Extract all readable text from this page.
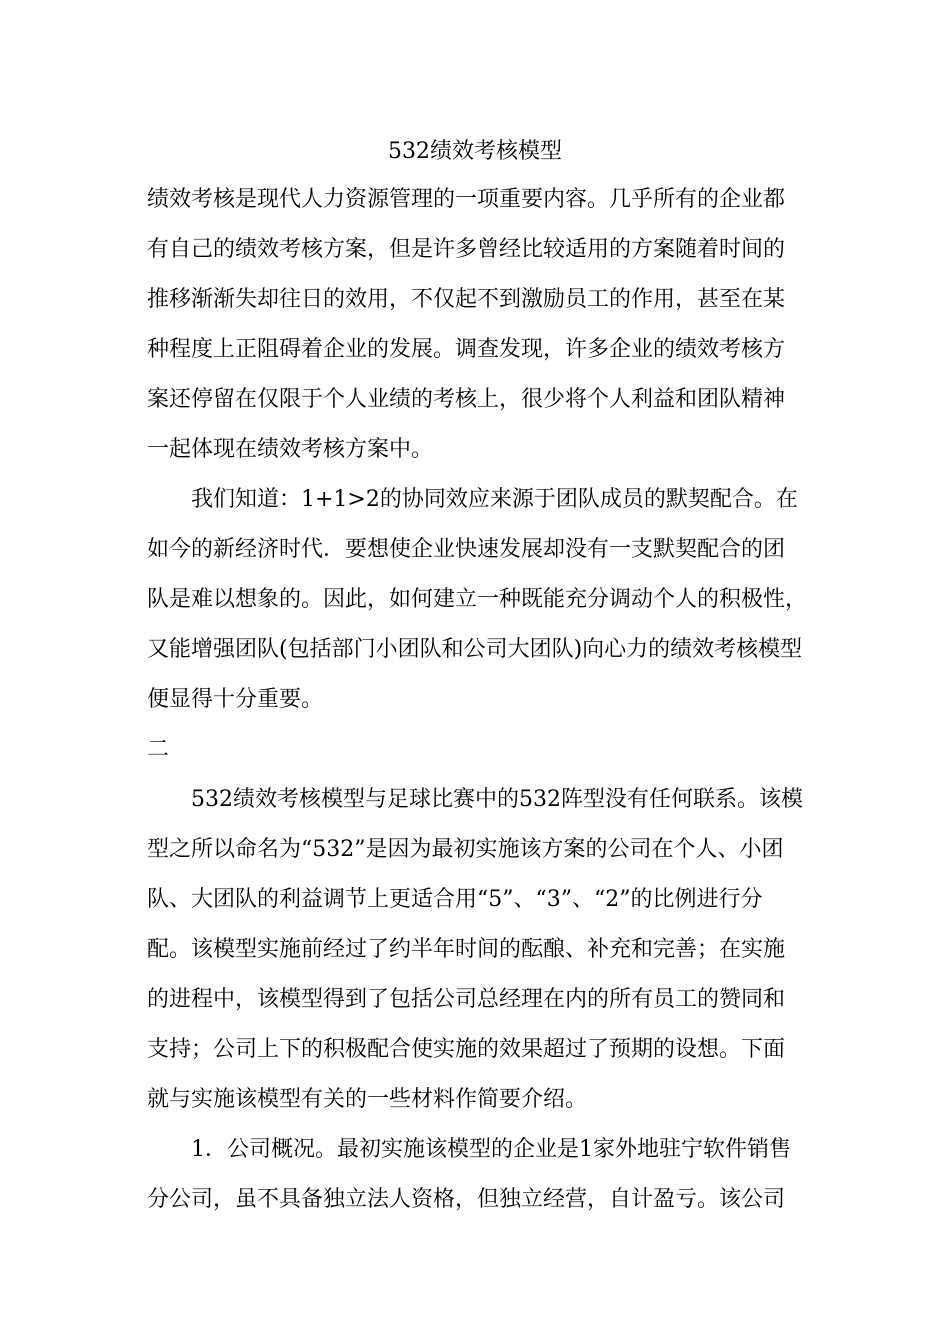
532绩效考核模型
绩效考核是现代人力资源管理的一项重要内容。几乎所有的企业都
有自己的绩效考核方案，但是许多曾经比较适用的方案随着时间的
推移渐渐失却往日的效用，不仅起不到激励员工的作用，甚至在某
种程度上正阻碍着企业的发展。调查发现，许多企业的绩效考核方
案还停留在仅限于个人业绩的考核上，很少将个人利益和团队精神
一起体现在绩效考核方案中。
我们知道：1+1>2的协同效应来源于团队成员的默契配合。在
如今的新经济时代．要想使企业快速发展却没有一支默契配合的团
队是难以想象的。因此，如何建立一种既能充分调动个人的积极性，
又能增强团队(包括部门小团队和公司大团队)向心力的绩效考核模型
便显得十分重要。
二
532绩效考核模型与足球比赛中的532阵型没有任何联系。该模
型之所以命名为“532”是因为最初实施该方案的公司在个人、小团
队、大团队的利益调节上更适合用“5”、“3”、“2”的比例进行分
配。该模型实施前经过了约半年时间的酝酿、补充和完善；在实施
的进程中，该模型得到了包括公司总经理在内的所有员工的赞同和
支持；公司上下的积极配合使实施的效果超过了预期的设想。下面
就与实施该模型有关的一些材料作简要介绍。
1．公司概况。最初实施该模型的企业是1家外地驻宁软件销售
分公司，虽不具备独立法人资格，但独立经营，自计盈亏。该公司
